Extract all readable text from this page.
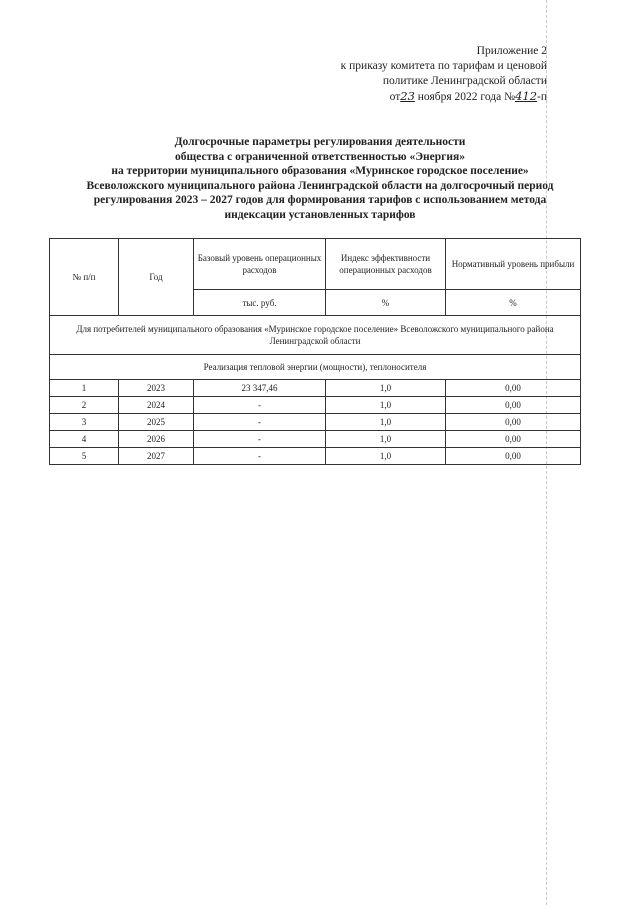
Приложение 2
к приказу комитета по тарифам и ценовой
политике Ленинградской области
от23 ноября 2022 года №412-п
Долгосрочные параметры регулирования деятельности
общества с ограниченной ответственностью «Энергия»
на территории муниципального образования «Муринское городское поселение»
Всеволожского муниципального района Ленинградской области на долгосрочный период
регулирования 2023 – 2027 годов для формирования тарифов с использованием метода
индексации установленных тарифов
№ п/п	Год	Базовый уровень операционных расходов	Индекс эффективности операционных расходов	Нормативный уровень прибыли
		тыс. руб.	%	%
Для потребителей муниципального образования «Муринское городское поселение» Всеволожского муниципального района Ленинградской области				
Реализация тепловой энергии (мощности), теплоносителя				
1	2023	23 347,46	1,0	0,00
2	2024	-	1,0	0,00
3	2025	-	1,0	0,00
4	2026	-	1,0	0,00
5	2027	-	1,0	0,00
